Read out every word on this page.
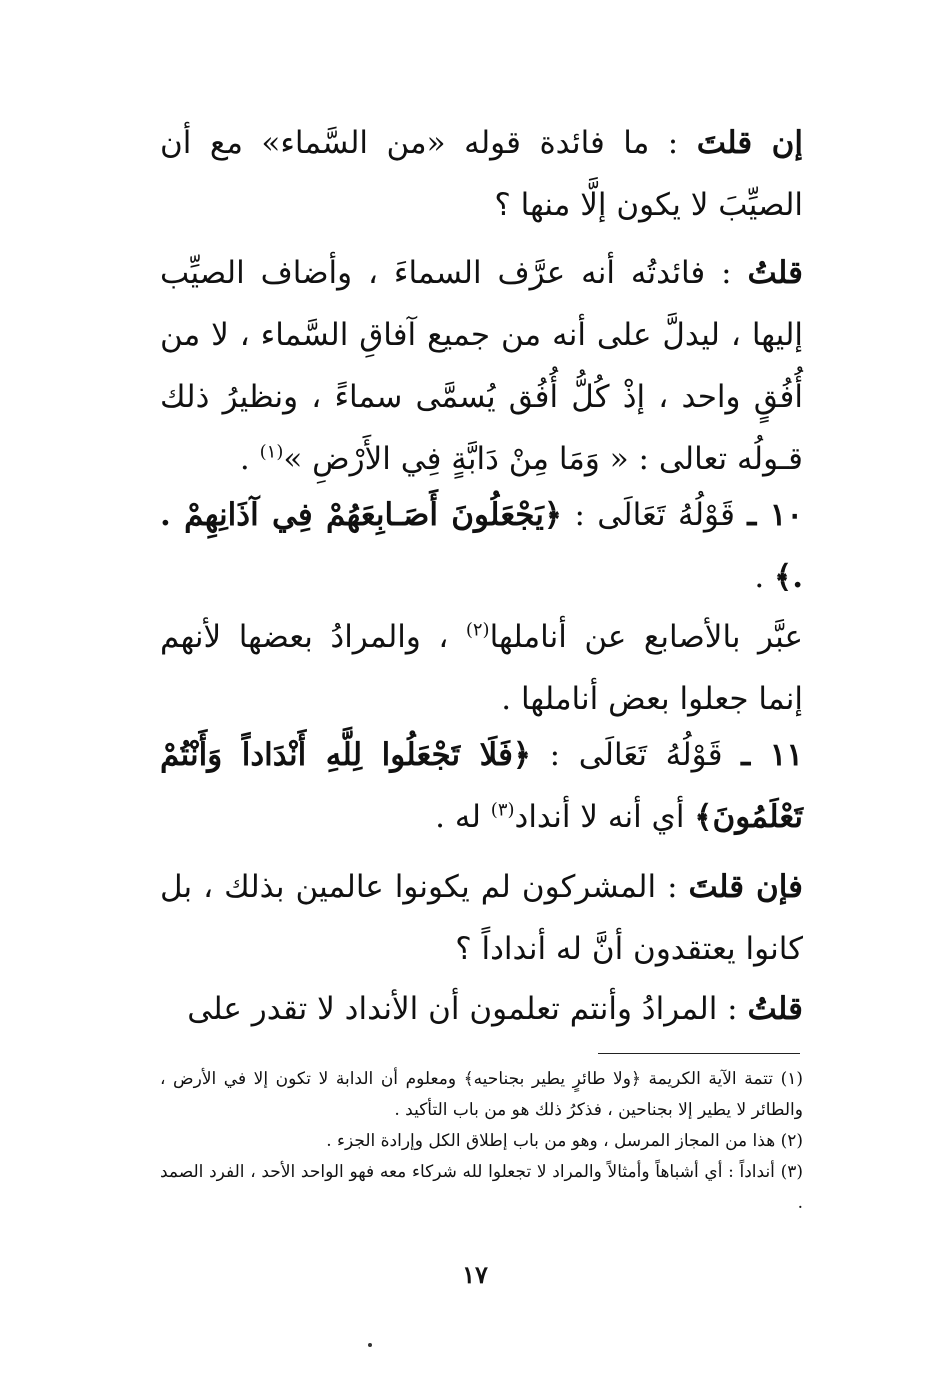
إن قلتَ : ما فائدة قوله «من السَّماء» مع أن الصيِّبَ لا يكون إلَّا منها ؟
قلتُ : فائدتُه أنه عرَّف السماءَ ، وأضاف الصيِّب إليها ، ليدلَّ على أنه من جميع آفاقِ السَّماء ، لا من أُفُقٍ واحد ، إذْ كُلُّ أُفُق يُسمَّى سماءً ، ونظيرُ ذلك قـولُه تعالى : « وَمَا مِنْ دَابَّةٍ فِي الأَرْضِ »$^{(١)}$ .
١٠ ـ قَوْلُهُ تَعَالَى : ﴿يَجْعَلُونَ أَصَـابِعَهُمْ فِي آذَانِهِمْ . .﴾ .
عبَّر بالأصابع عن أناملها$^{(٢)}$ ، والمرادُ بعضها لأنهم إنما جعلوا بعض أناملها .
١١ ـ قَوْلُهُ تَعَالَى : ﴿فَلَا تَجْعَلُوا لِلَّهِ أَنْدَاداً وَأَنْتُمْ تَعْلَمُونَ﴾ أي أنه لا أنداد$^{(٣)}$ له .
فإن قلتَ : المشركون لم يكونوا عالمين بذلك ، بل كانوا يعتقدون أنَّ له أنداداً ؟
قلتُ : المرادُ وأنتم تعلمون أن الأنداد لا تقدر على

(١) تتمة الآية الكريمة ﴿ولا طائرٍ يطير بجناحيه﴾ ومعلوم أن الدابة لا تكون إلا في الأرض ، والطائر لا يطير إلا بجناحين ، فذكرُ ذلك هو من باب التأكيد .

(٢) هذا من المجاز المرسل ، وهو من باب إطلاق الكل وإرادة الجزء .

(٣) أنداداً : أي أشباهاً وأمثالاً والمراد لا تجعلوا لله شركاء معه فهو الواحد الأحد ، الفرد الصمد .

١٧
